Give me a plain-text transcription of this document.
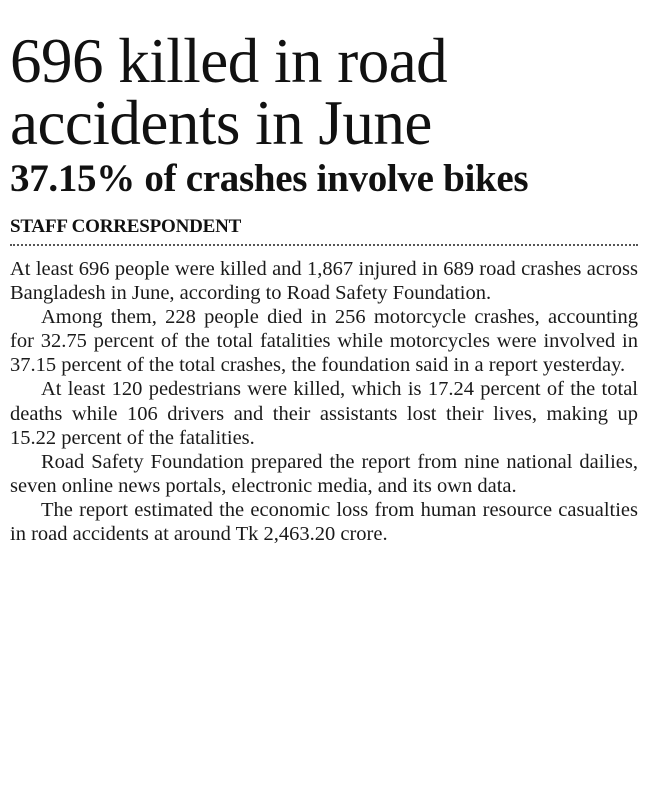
696 killed in road accidents in June
37.15% of crashes involve bikes
STAFF CORRESPONDENT

At least 696 people were killed and 1,867 injured in 689 road crashes across Bangladesh in June, according to Road Safety Foundation.

Among them, 228 people died in 256 motorcycle crashes, accounting for 32.75 percent of the total fatalities while motorcycles were involved in 37.15 percent of the total crashes, the foundation said in a report yesterday.

At least 120 pedestrians were killed, which is 17.24 percent of the total deaths while 106 drivers and their assistants lost their lives, making up 15.22 percent of the fatalities.

Road Safety Foundation prepared the report from nine national dailies, seven online news portals, electronic media, and its own data.

The report estimated the economic loss from human resource casualties in road accidents at around Tk 2,463.20 crore.
